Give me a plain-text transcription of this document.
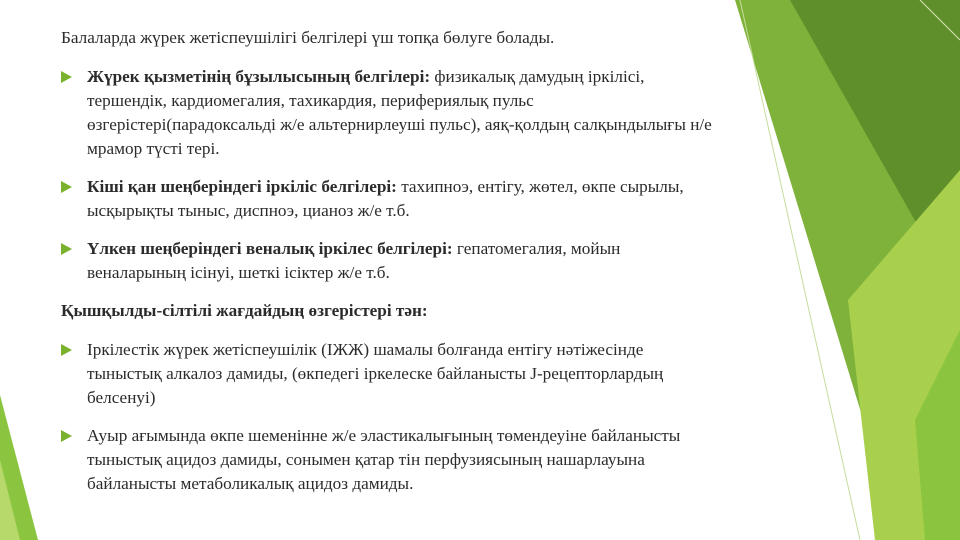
Балаларда жүрек жетіспеушілігі белгілері үш топқа бөлуге болады.

Жүрек қызметінің бұзылысының белгілері: физикалық дамудың іркілісі, тершендік, кардиомегалия, тахикардия, перифериялық пульс өзгерістері(парадоксальді ж/е альтернирлеуші пульс), аяқ-қолдың салқындылығы н/е мрамор түсті тері.
Кіші қан шеңберіндегі іркіліс белгілері: тахипноэ, ентігу, жөтел, өкпе сырылы, ысқырықты тыныс, диспноэ, цианоз ж/е т.б.
Үлкен шеңберіндегі веналық іркілес белгілері: гепатомегалия, мойын веналарының ісінуі, шеткі ісіктер ж/е т.б.

Қышқылды-сілтілі жағдайдың өзгерістері тән:

Іркілестік жүрек жетіспеушілік (ІЖЖ) шамалы болғанда ентігу нәтіжесінде тыныстық алкалоз дамиды, (өкпедегі іркелеске байланысты J-рецепторлардың белсенуі)
Ауыр ағымында өкпе шеменінне ж/е эластикалығының төмендеуіне байланысты тыныстық ацидоз дамиды, сонымен қатар тін перфузиясының нашарлауына байланысты метаболикалық ацидоз дамиды.
